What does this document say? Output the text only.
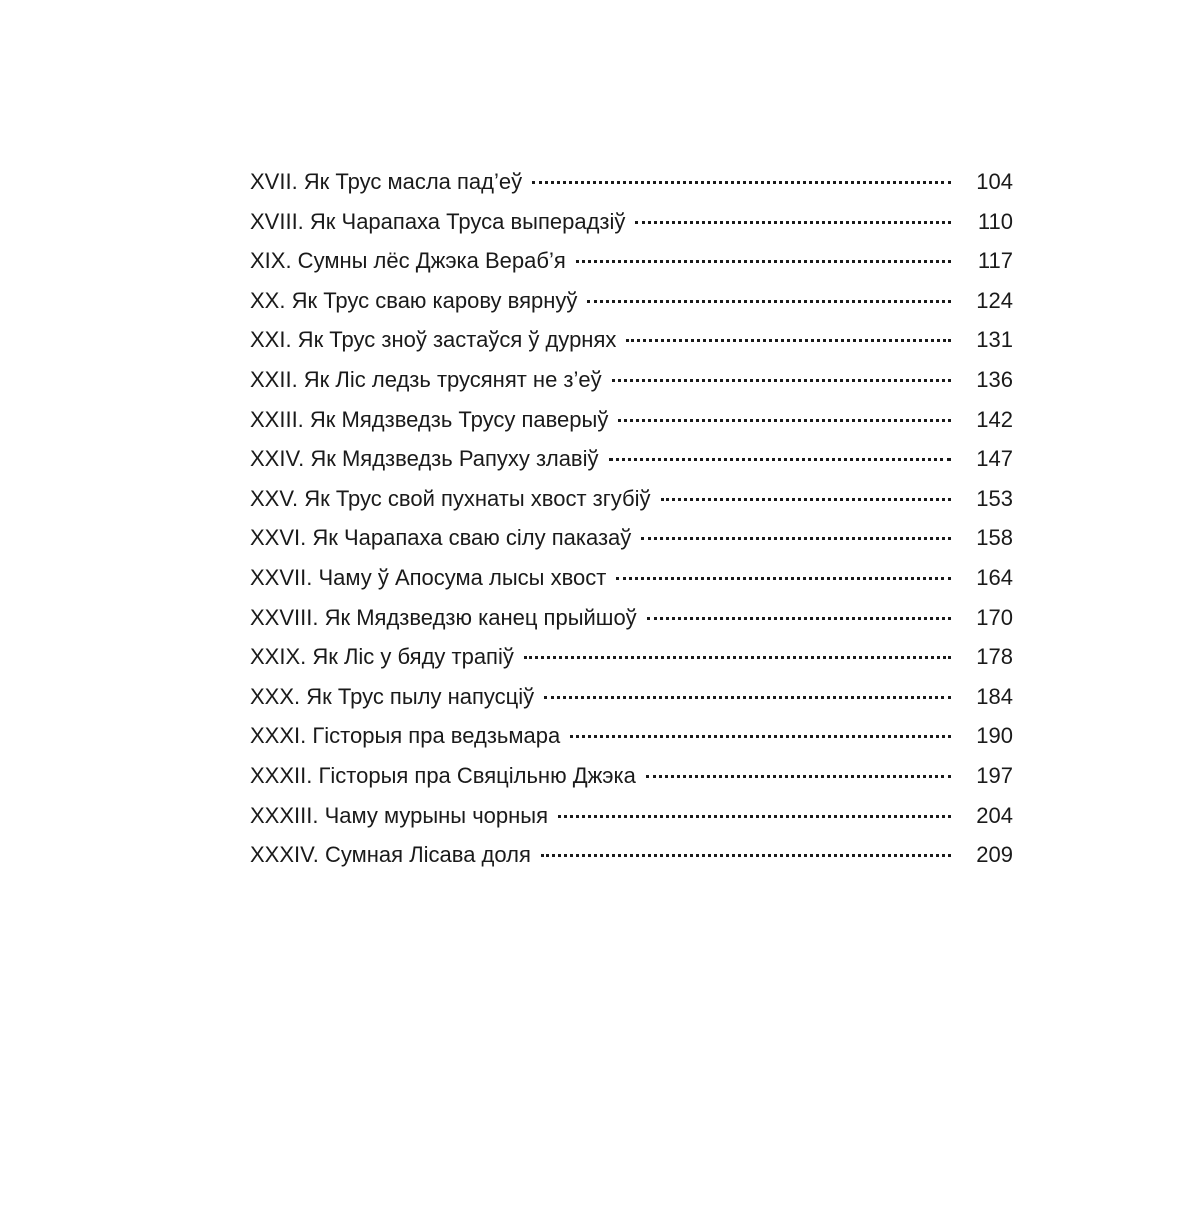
XVII. Як Трус масла пад’еў	104
XVIII. Як Чарапаха Труса выперадзіў	110
XIX. Сумны лёс Джэка Вераб’я	117
XX. Як Трус сваю карову вярнуў	124
XXI. Як Трус зноў застаўся ў дурнях	131
XXII. Як Ліс ледзь трусянят не з’еў	136
XXIII. Як Мядзведзь Трусу паверыў	142
XXIV. Як Мядзведзь Рапуху злавіў	147
XXV. Як Трус свой пухнаты хвост згубіў	153
XXVI. Як Чарапаха сваю сілу паказаў	158
XXVII. Чаму ў Апосума лысы хвост	164
XXVIII. Як Мядзведзю канец прыйшоў	170
XXIX. Як Ліс у бяду трапіў	178
XXX. Як Трус пылу напусціў	184
XXXI. Гісторыя пра ведзьмара	190
XXXII. Гісторыя пра Свяцільню Джэка	197
XXXIII. Чаму мурыны чорныя	204
XXXIV. Сумная Лісава доля	209
